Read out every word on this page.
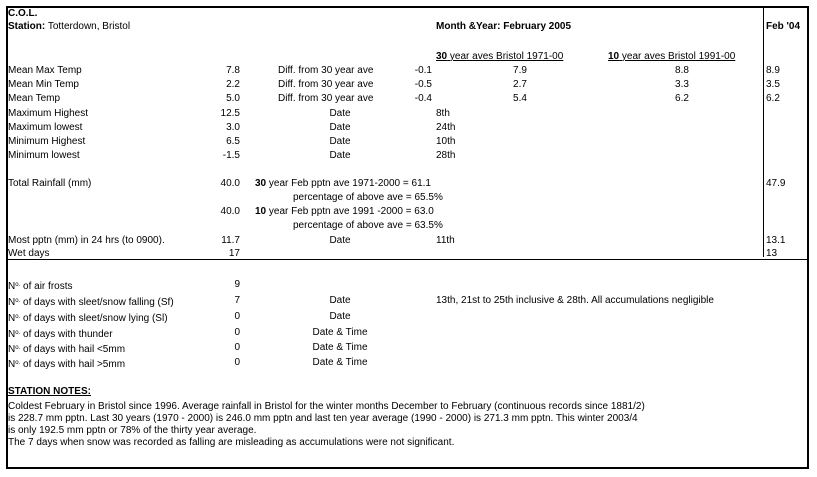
C.O.L.
Station: Totterdown, Bristol	Month &Year: February 2005	Feb '04
30 year aves Bristol 1971-00	10 year aves Bristol 1991-00
Mean Max Temp	7.8	Diff. from 30 year ave	-0.1	7.9	8.8	8.9
Mean Min Temp	2.2	Diff. from 30 year ave	-0.5	2.7	3.3	3.5
Mean Temp	5.0	Diff. from 30 year ave	-0.4	5.4	6.2	6.2
Maximum Highest	12.5	Date	8th
Maximum lowest	3.0	Date	24th
Minimum Highest	6.5	Date	10th
Minimum lowest	-1.5	Date	28th
Total Rainfall (mm)	40.0 30 year Feb pptn ave 1971-2000 = 61.1	47.9
percentage of above ave = 65.5%
40.0 10 year Feb pptn ave 1991 -2000 = 63.0
percentage of above ave = 63.5%
Most pptn (mm) in 24 hrs (to 0900).	11.7	Date	11th	13.1
Wet days	17	13
$N^{o.}$ of air frosts	9
$N^{o.}$ of days with sleet/snow falling (Sf)	7	Date	13th, 21st to 25th inclusive & 28th. All accumulations negligible
$N^{o.}$ of days with sleet/snow lying (Sl)	0	Date
$N^{o.}$ of days with thunder	0	Date & Time
$N^{o.}$ of days with hail <5mm	0	Date & Time
$N^{o.}$ of days with hail >5mm	0	Date & Time
STATION NOTES:
Coldest February in Bristol since 1996. Average rainfall in Bristol for the winter months December to February (continuous records since 1881/2)
is 228.7 mm pptn. Last 30 years (1970 - 2000) is 246.0 mm pptn and last ten year average (1990 - 2000) is 271.3 mm pptn. This winter 2003/4
is only 192.5 mm pptn or 78% of the thirty year average.
The 7 days when snow was recorded as falling are misleading as accumulations were not significant.
